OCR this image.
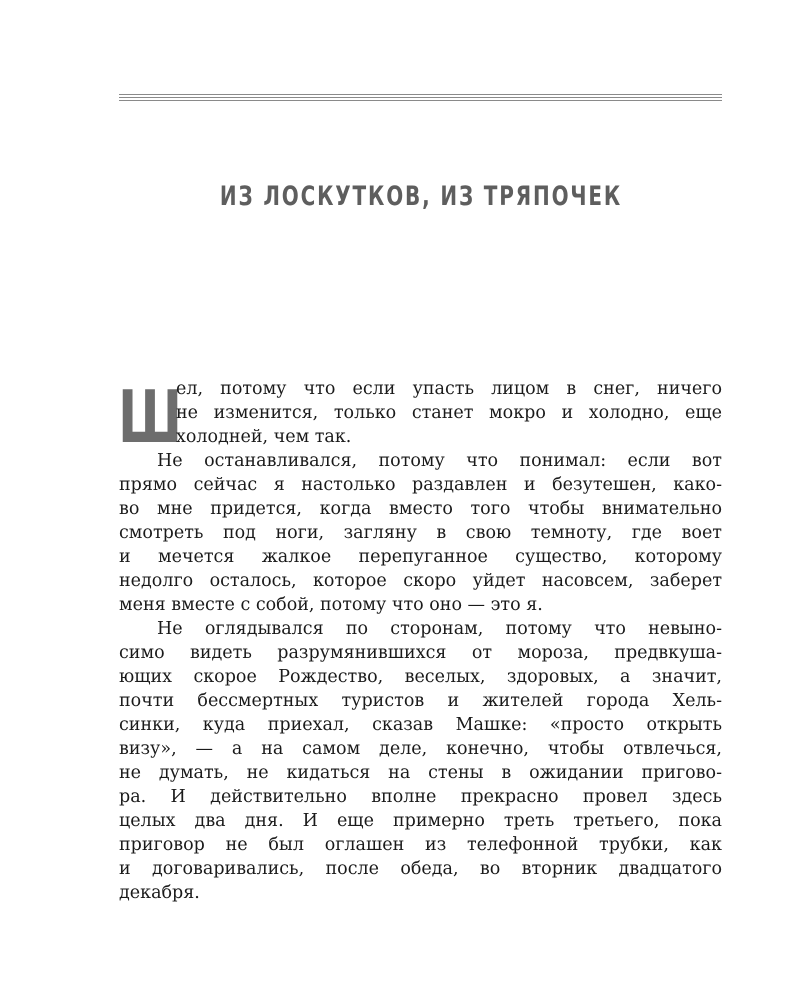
ИЗ ЛОСКУТКОВ, ИЗ ТРЯПОЧЕК
Ш
ел, потому что если упасть лицом в снег, ничего
не изменится, только станет мокро и холодно, еще
холодней, чем так.
Не останавливался, потому что понимал: если вот
прямо сейчас я настолько раздавлен и безутешен, како-
во мне придется, когда вместо того чтобы внимательно
смотреть под ноги, загляну в свою темноту, где воет
и мечется жалкое перепуганное существо, которому
недолго осталось, которое скоро уйдет насовсем, заберет
меня вместе с собой, потому что оно — это я.
Не оглядывался по сторонам, потому что невыно-
симо видеть разрумянившихся от мороза, предвкуша-
ющих скорое Рождество, веселых, здоровых, а значит,
почти бессмертных туристов и жителей города Хель-
синки, куда приехал, сказав Машке: «просто открыть
визу», — а на самом деле, конечно, чтобы отвлечься,
не думать, не кидаться на стены в ожидании пригово-
ра. И действительно вполне прекрасно провел здесь
целых два дня. И еще примерно треть третьего, пока
приговор не был оглашен из телефонной трубки, как
и договаривались, после обеда, во вторник двадцатого
декабря.
